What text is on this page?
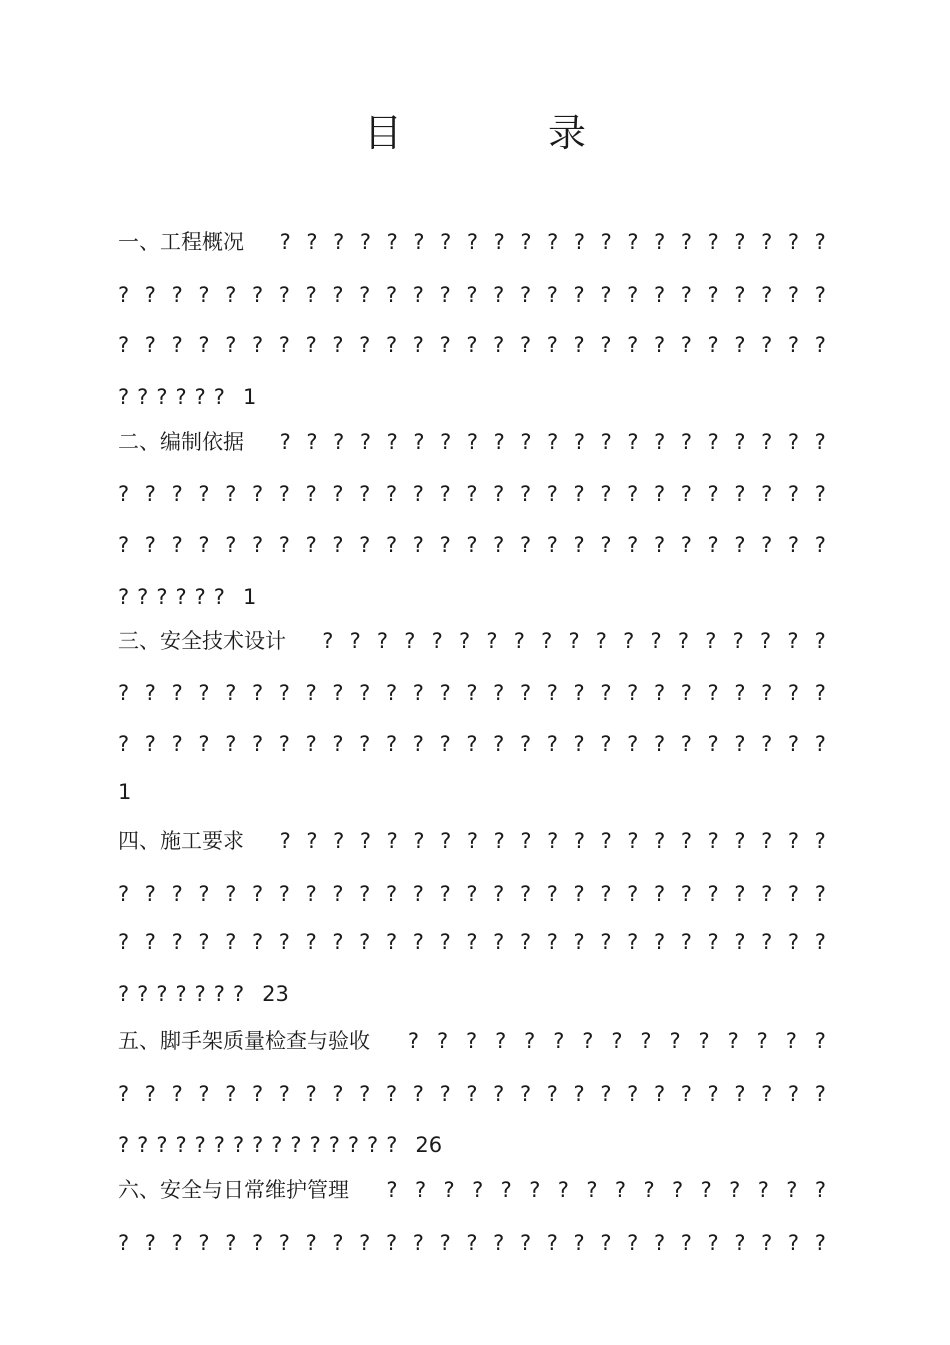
目	录
一、工程概况 ? ? ? ? ? ? ? ? ? ? ? ? ? ? ? ? ? ? ? ? ?
? ? ? ? ? ? ? ? ? ? ? ? ? ? ? ? ? ? ? ? ? ? ? ? ? ? ?
? ? ? ? ? ? ? ? ? ? ? ? ? ? ? ? ? ? ? ? ? ? ? ? ? ? ?
? ? ? ? ? ? 1
二、编制依据 ? ? ? ? ? ? ? ? ? ? ? ? ? ? ? ? ? ? ? ? ?
? ? ? ? ? ? ? ? ? ? ? ? ? ? ? ? ? ? ? ? ? ? ? ? ? ? ?
? ? ? ? ? ? ? ? ? ? ? ? ? ? ? ? ? ? ? ? ? ? ? ? ? ? ?
? ? ? ? ? ? 1
三、安全技术设计 ? ? ? ? ? ? ? ? ? ? ? ? ? ? ? ? ? ? ?
? ? ? ? ? ? ? ? ? ? ? ? ? ? ? ? ? ? ? ? ? ? ? ? ? ? ?
? ? ? ? ? ? ? ? ? ? ? ? ? ? ? ? ? ? ? ? ? ? ? ? ? ? ?
1
四、施工要求 ? ? ? ? ? ? ? ? ? ? ? ? ? ? ? ? ? ? ? ? ?
? ? ? ? ? ? ? ? ? ? ? ? ? ? ? ? ? ? ? ? ? ? ? ? ? ? ?
? ? ? ? ? ? ? ? ? ? ? ? ? ? ? ? ? ? ? ? ? ? ? ? ? ? ?
? ? ? ? ? ? ? 23
五、脚手架质量检查与验收 ? ? ? ? ? ? ? ? ? ? ? ? ? ? ?
? ? ? ? ? ? ? ? ? ? ? ? ? ? ? ? ? ? ? ? ? ? ? ? ? ? ?
? ? ? ? ? ? ? ? ? ? ? ? ? ? ? 26
六、安全与日常维护管理 ? ? ? ? ? ? ? ? ? ? ? ? ? ? ? ?
? ? ? ? ? ? ? ? ? ? ? ? ? ? ? ? ? ? ? ? ? ? ? ? ? ? ?
